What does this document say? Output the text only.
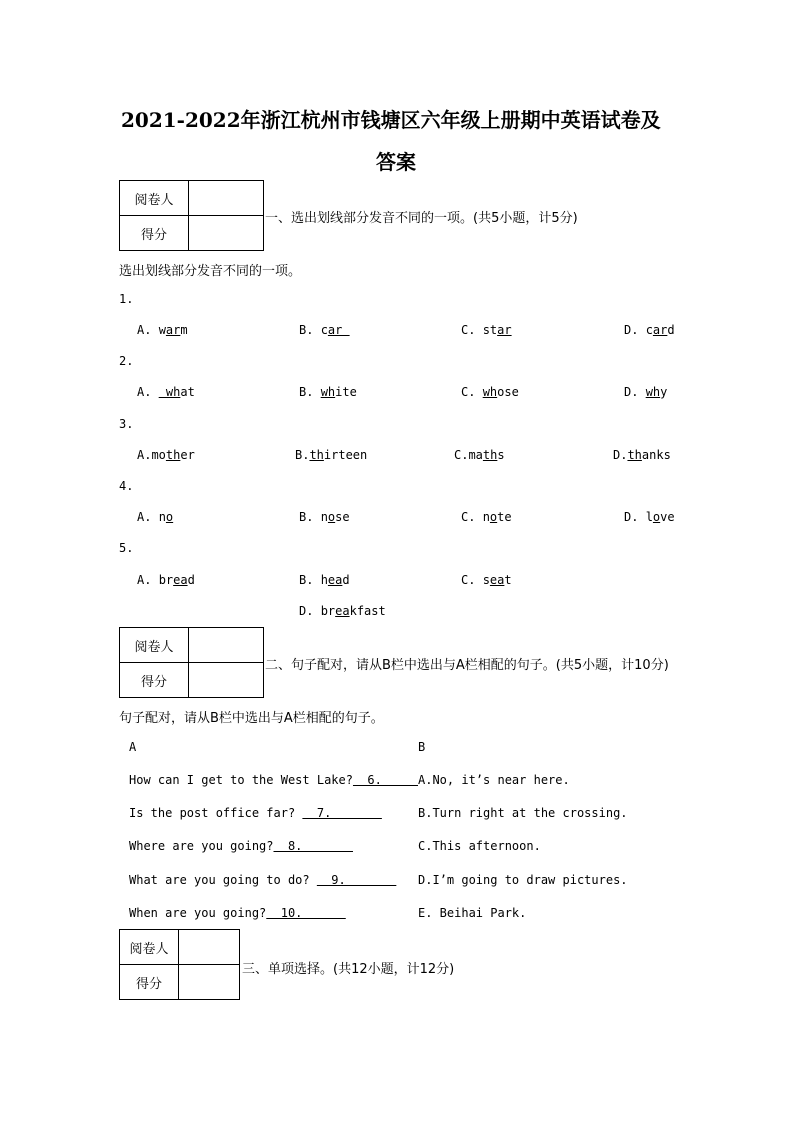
2021-2022年浙江杭州市钱塘区六年级上册期中英语试卷及
答案
阅卷人	
得分	
一、选出划线部分发音不同的一项。(共5小题，计5分)
选出划线部分发音不同的一项。
1.
A. warm	B. car	C. star	D. card
2.
A.  what	B. white	C. whose	D. why
3.
A.mother	B.thirteen	C.maths	D.thanks
4.
A. no	B. nose	C. note	D. love
5.
A. bread	B. head	C. seat
D. breakfast
阅卷人	
得分	
二、句子配对，请从B栏中选出与A栏相配的句子。(共5小题，计10分)
句子配对，请从B栏中选出与A栏相配的句子。
A	B
How can I get to the West Lake?  6. A.No, it’s near here.
Is the post office far?   7.	B.Turn right at the crossing.
Where are you going?  8.	C.This afternoon.
What are you going to do?   9. D.I’m going to draw pictures.
When are you going?  10.	E. Beihai Park.
阅卷人	
得分	
三、单项选择。(共12小题，计12分)
